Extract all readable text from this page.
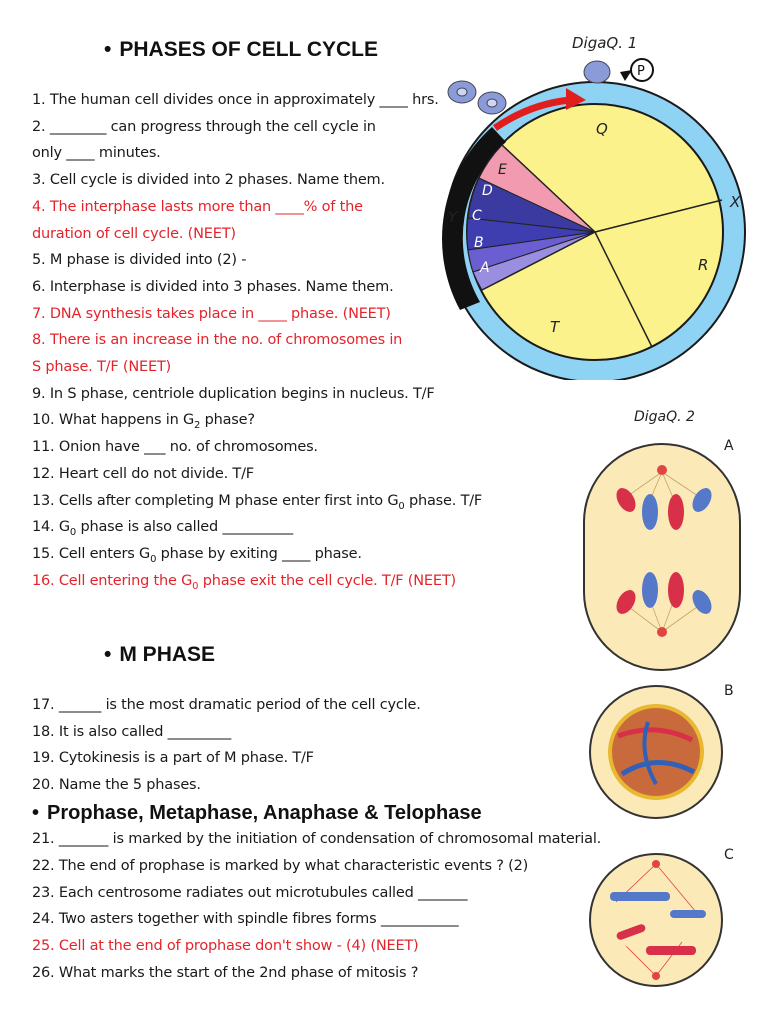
• PHASES OF CELL CYCLE
• M PHASE
• Prophase, Metaphase, Anaphase & Telophase
1. The human cell divides once in approximately ____ hrs.
2. ________ can progress through the cell cycle in
only ____ minutes.
3. Cell cycle is divided into 2 phases. Name them.
4. The interphase lasts more than ____% of the
duration of cell cycle. (NEET)
5. M phase is divided into (2) -
6. Interphase is divided into 3 phases. Name them.
7. DNA synthesis takes place in ____ phase. (NEET)
8. There is an increase in the no. of chromosomes in
S phase. T/F (NEET)
9. In S phase, centriole duplication begins in nucleus. T/F
10. What happens in $G_2$ phase?
11. Onion have ___ no. of chromosomes.
12. Heart cell do not divide. T/F
13. Cells after completing M phase enter first into $G_0$ phase. T/F
14. $G_0$ phase is also called __________
15. Cell enters $G_0$ phase by exiting ____ phase.
16. Cell entering the $G_0$ phase exit the cell cycle. T/F (NEET)
17. ______ is the most dramatic period of the cell cycle.
18. It is also called _________
19. Cytokinesis is a part of M phase. T/F
20. Name the 5 phases.
21. _______ is marked by the initiation of condensation of chromosomal material.
22. The end of prophase is marked by what characteristic events ? (2)
23. Each centrosome radiates out microtubules called _______
24. Two asters together with spindle fibres forms ___________
25. Cell at the end of prophase don't show - (4) (NEET)
26. What marks the start of the 2nd phase of mitosis ?
DigaQ. 1
P
Q
X
R
T
Y
E
D
C
B
A
DigaQ. 2
A
B
C
